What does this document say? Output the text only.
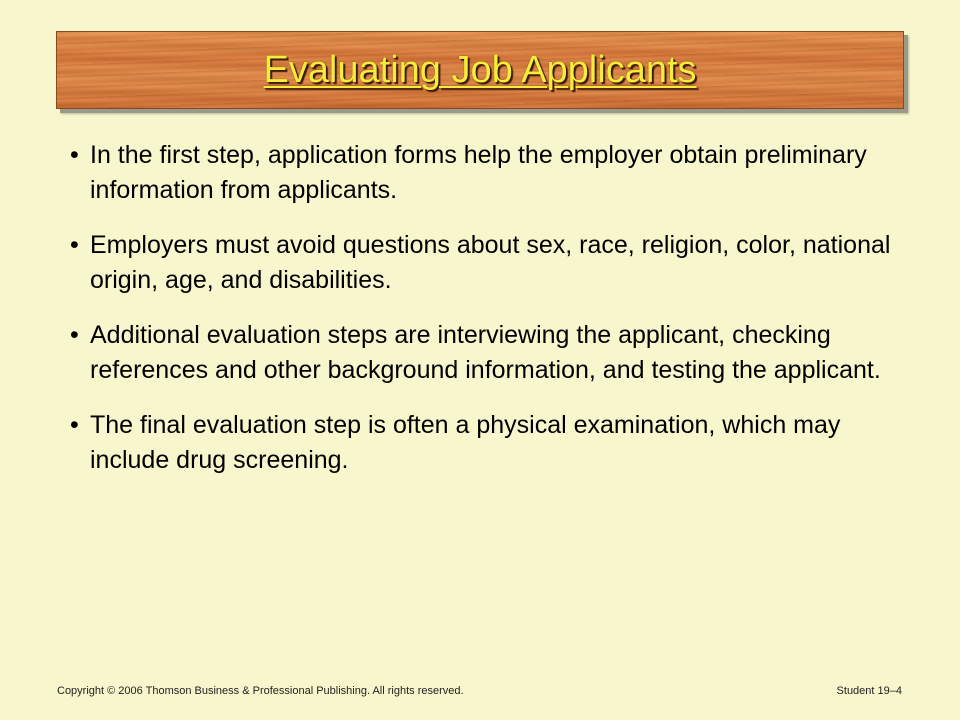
Evaluating Job Applicants
• In the first step, application forms help the employer obtain preliminary information from applicants.
• Employers must avoid questions about sex, race, religion, color, national origin, age, and disabilities.
• Additional evaluation steps are interviewing the applicant, checking references and other background information, and testing the applicant.
• The final evaluation step is often a physical examination, which may include drug screening.
Copyright © 2006 Thomson Business & Professional Publishing. All rights reserved.	Student 19–4
